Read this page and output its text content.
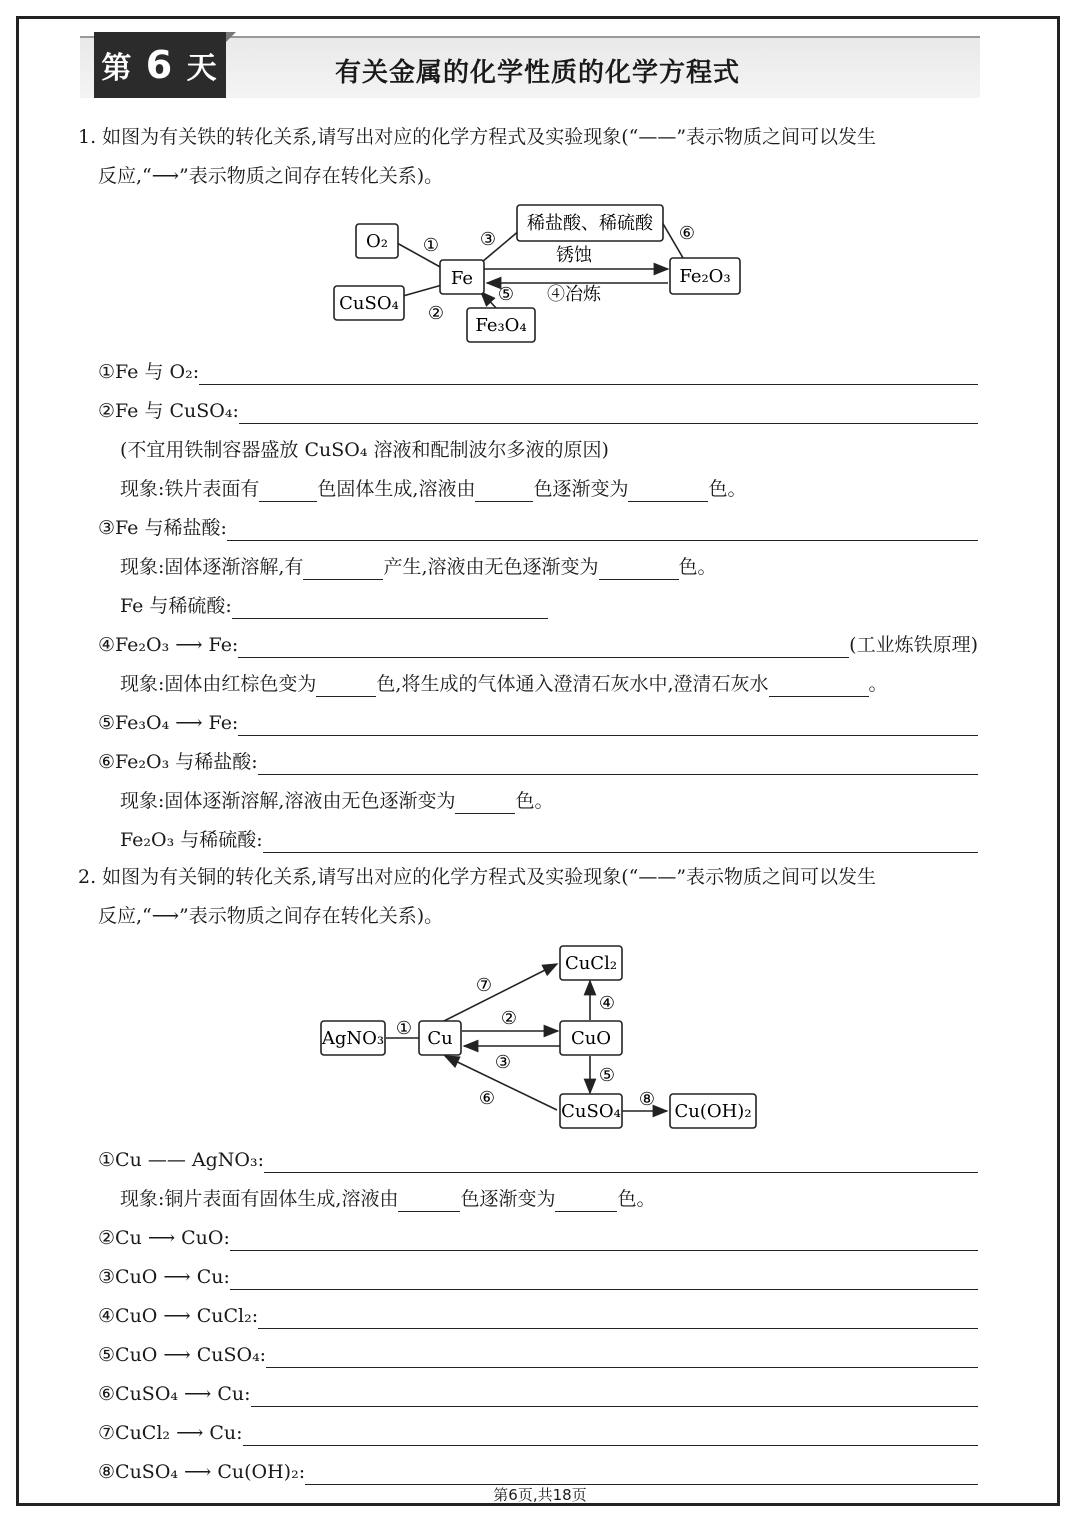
第 6 天	有关金属的化学性质的化学方程式
1. 如图为有关铁的转化关系,请写出对应的化学方程式及实验现象(“——”表示物质之间可以发生
反应,“⟶”表示物质之间存在转化关系)。
O₂
Fe
CuSO₄
稀盐酸、稀硫酸
Fe₂O₃
Fe₃O₄
①
②
③
⑤
⑥
④冶炼
锈蚀
AgNO₃ Cu	CuO
CuCl₂
CuSO₄	Cu(OH)₂
①	②
③
④
⑤
⑥
⑦
⑧
①Fe 与 O₂:
②Fe 与 CuSO₄:
(不宜用铁制容器盛放 CuSO₄ 溶液和配制波尔多液的原因)
现象:铁片表面有	色固体生成,溶液由	色逐渐变为	色。
③Fe 与稀盐酸:
现象:固体逐渐溶解,有	产生,溶液由无色逐渐变为	色。
Fe 与稀硫酸:
④Fe₂O₃ ⟶ Fe:	(工业炼铁原理)
现象:固体由红棕色变为	色,将生成的气体通入澄清石灰水中,澄清石灰水	。
⑤Fe₃O₄ ⟶ Fe:
⑥Fe₂O₃ 与稀盐酸:
现象:固体逐渐溶解,溶液由无色逐渐变为	色。
Fe₂O₃ 与稀硫酸:
2. 如图为有关铜的转化关系,请写出对应的化学方程式及实验现象(“——”表示物质之间可以发生
反应,“⟶”表示物质之间存在转化关系)。
①Cu —— AgNO₃:
现象:铜片表面有固体生成,溶液由	色逐渐变为	色。
②Cu ⟶ CuO:
③CuO ⟶ Cu:
④CuO ⟶ CuCl₂:
⑤CuO ⟶ CuSO₄:
⑥CuSO₄ ⟶ Cu:
⑦CuCl₂ ⟶ Cu:
⑧CuSO₄ ⟶ Cu(OH)₂:
第6页,共18页
